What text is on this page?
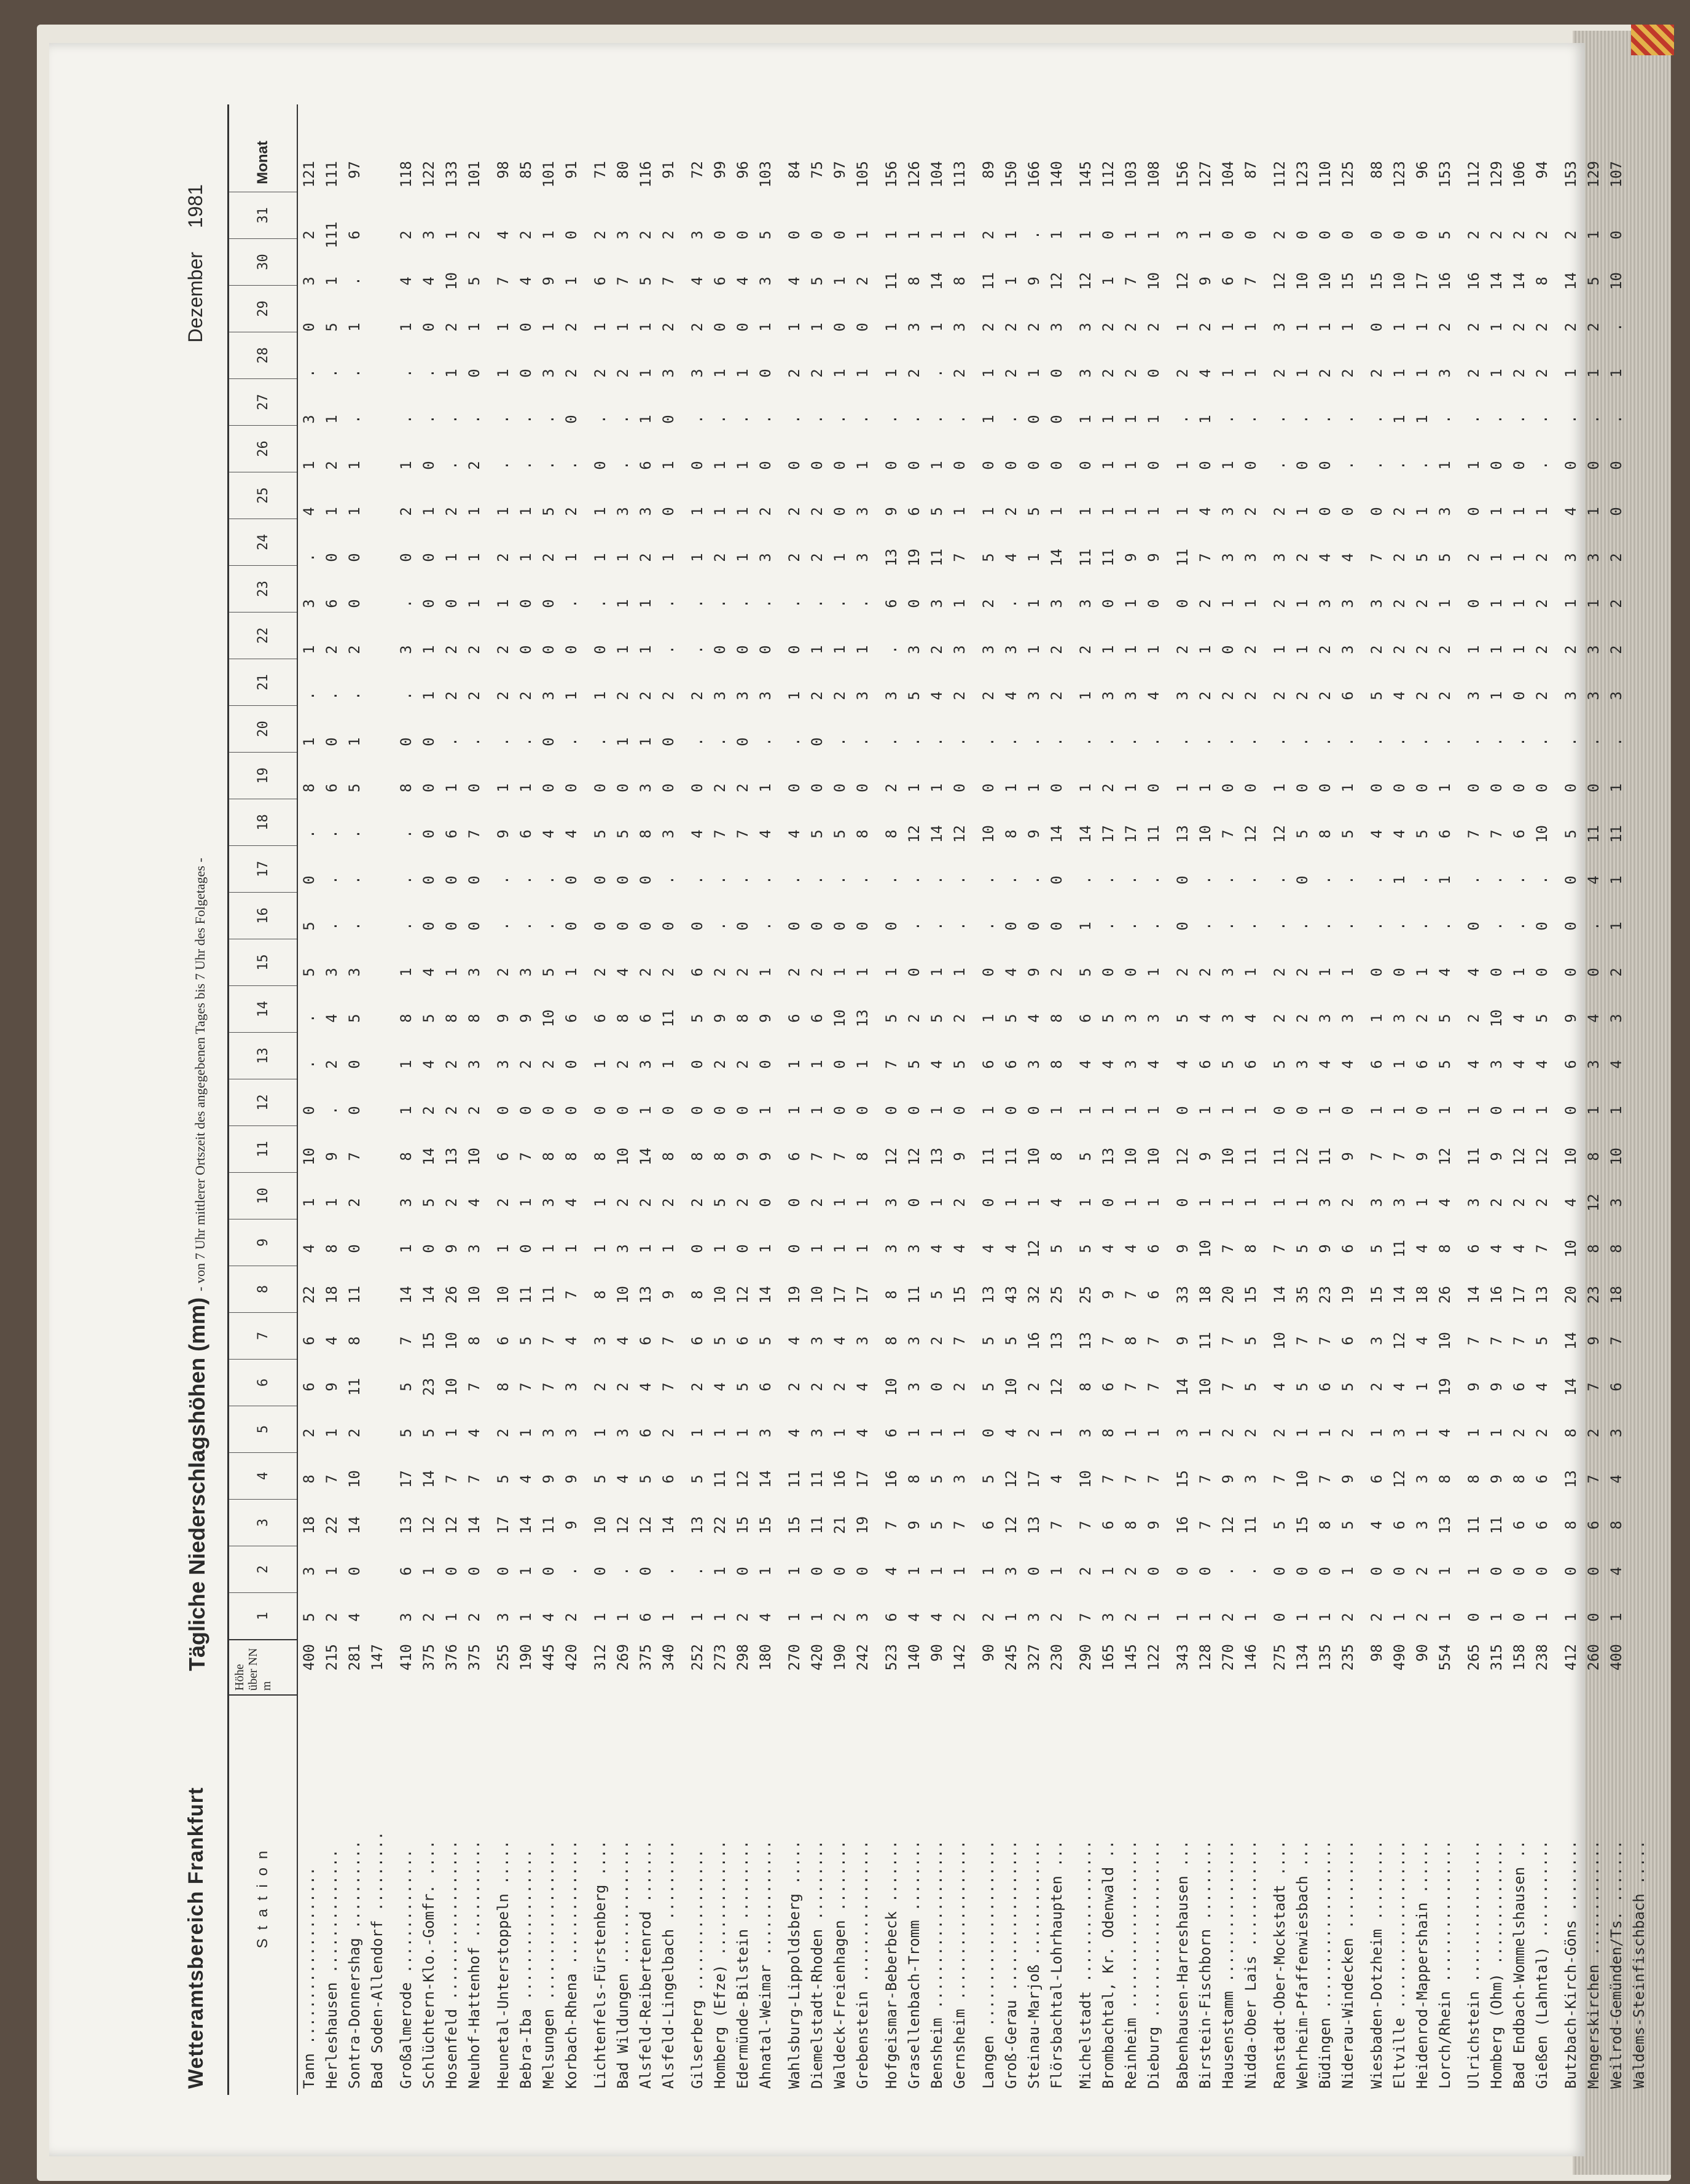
Wetteramtsbereich Frankfurt
Tägliche Niederschlagshöhen (mm) - von 7 Uhr mittlerer Ortszeit des angegebenen Tages bis 7 Uhr des Folgetages -
Dezember 1981
Station
Höhe über NN m
1
2
3
4
5
6
7
8
9
10
11
12
13
14
15
16
17
18
19
20
21
22
23
24
25
26
27
28
29
30
31
Monat
Tann ....................
400
5
3
18
8
2
6
6
22
4
1
10
0
.
.
5
5
0
.
8
1
.
1
3
.
4
1
3
.
0
3
2
121
Herleshausen ..............
215
2
1
22
7
1
9
4
18
8
1
9
.
2
4
3
.
.
.
6
0
.
2
6
0
1
2
1
.
5
1
111
111
Sontra-Donnershag ..........
281
4
0
14
10
2
11
8
11
0
2
7
0
0
5
3
.
.
.
5
1
.
2
0
0
1
1
.
.
1
.
6
97
Bad Soden-Allendorf .........
147
Großalmerode ..............
410
3
6
13
17
5
5
7
14
1
3
8
1
1
8
1
.
.
.
8
0
.
3
.
0
2
1
.
.
1
4
2
118
Schlüchtern-Klo.-Gomfr. ....
375
2
1
12
14
5
23
15
14
0
5
14
2
4
5
4
0
0
0
0
0
1
1
0
0
1
0
.
.
0
4
3
122
Hosenfeld ..................
376
1
0
12
7
1
10
10
26
9
2
13
2
2
8
1
0
0
6
1
.
2
2
0
1
2
.
.
1
2
10
1
133
Neuhof-Hattenhof ...........
375
2
0
14
7
4
7
8
10
3
4
10
2
3
8
3
0
0
7
0
.
2
2
1
1
1
2
.
0
1
5
2
101
Heunetal-Unterstoppeln .....
255
3
0
17
5
2
8
6
10
1
2
6
0
3
9
2
.
.
9
1
.
2
2
1
2
1
.
.
1
1
7
4
98
Bebra-Iba .................
190
1
1
14
4
1
7
5
11
0
1
7
0
2
9
3
.
.
6
1
.
2
0
0
1
1
.
.
0
0
4
2
85
Melsungen ..................
445
4
0
11
9
3
7
7
11
1
3
8
0
2
10
5
.
.
4
0
0
3
0
0
2
5
.
.
3
1
9
1
101
Korbach-Rhena ..............
420
2
.
9
9
3
3
4
7
1
4
8
0
0
6
1
0
0
4
0
.
1
0
.
1
2
.
0
2
2
1
0
91
Lichtenfels-Fürstenberg ....
312
1
0
10
5
1
2
3
8
1
1
8
0
1
6
2
0
0
5
0
.
1
0
.
1
1
0
.
2
1
6
2
71
Bad Wildungen ..............
269
1
.
12
4
3
2
4
10
3
2
10
0
2
8
4
0
0
5
0
1
2
1
1
1
3
.
.
2
1
7
3
80
Alsfeld-Reibertenrod .......
375
6
0
12
5
6
4
6
13
1
2
14
1
3
6
2
0
0
8
3
1
2
1
1
2
3
6
1
1
1
5
2
116
Alsfeld-Lingelbach .........
340
1
.
14
6
2
7
7
9
1
2
8
0
1
11
2
0
.
3
0
0
2
.
.
1
0
1
0
3
2
7
2
91
Gilserberg ................
252
1
.
13
5
1
2
6
8
0
2
8
0
0
5
6
0
.
4
0
.
2
.
.
1
1
0
.
3
2
4
3
72
Homberg (Efze) .............
273
1
1
22
11
1
4
5
10
1
5
8
0
2
9
2
.
.
7
2
.
3
0
.
2
1
1
.
1
0
6
0
99
Edermünde-Bilstein .........
298
2
0
15
12
1
5
6
12
0
2
9
0
2
8
2
0
.
7
2
0
3
0
.
1
1
1
.
1
0
4
0
96
Ahnatal-Weimar .............
180
4
1
15
14
3
6
5
14
1
0
9
1
0
9
1
.
.
4
1
.
3
0
.
3
2
0
.
0
1
3
5
103
Wahlsburg-Lippoldsberg .....
270
1
1
15
11
4
2
4
19
0
0
6
1
1
6
2
0
.
4
0
.
1
0
.
2
2
0
.
2
1
4
0
84
Diemelstadt-Rhoden .........
420
1
0
11
11
3
2
3
10
1
2
7
1
1
6
2
0
.
5
0
0
2
1
.
2
2
0
.
2
1
5
0
75
Waldeck-Freienhagen ........
190
2
0
21
16
1
2
4
17
1
1
7
0
0
10
1
0
.
5
0
.
2
1
.
1
0
0
.
1
0
1
0
97
Grebenstein ................
242
3
0
19
17
4
4
3
17
1
1
8
0
1
13
1
0
.
8
0
.
3
1
.
3
3
1
.
1
0
2
1
105
Hofgeismar-Beberbeck .......
523
6
4
7
16
6
10
8
8
3
3
12
0
7
5
1
0
.
8
2
.
3
.
6
13
9
0
.
1
1
11
1
156
Grasellenbach-Tromm ........
140
4
1
9
8
1
3
3
11
3
0
12
0
5
2
0
.
.
12
1
.
5
3
0
19
6
0
.
2
3
8
1
126
Bensheim ...................
90
4
1
5
5
1
0
2
5
4
1
13
1
4
5
1
.
.
14
1
.
4
2
3
11
5
1
.
.
1
14
1
104
Gernsheim ..................
142
2
1
7
3
1
2
7
15
4
2
9
0
5
2
1
.
.
12
0
.
2
3
1
7
1
0
.
2
3
8
1
113
Langen .....................
90
2
1
6
5
0
5
5
13
4
0
11
1
6
1
0
.
.
10
0
.
2
3
2
5
1
0
1
1
2
11
2
89
Groß-Gerau .................
245
1
3
12
12
4
10
5
43
4
1
11
0
6
5
4
0
.
8
1
.
4
3
.
4
2
0
.
2
2
1
1
150
Steinau-Marjoß .............
327
3
0
13
17
2
2
16
32
12
1
10
0
3
4
9
0
.
9
1
.
3
1
1
1
5
0
0
1
2
9
.
166
Flörsbachtal-Lohrhaupten ...
230
2
1
7
4
1
12
13
25
5
4
8
1
8
8
2
0
0
14
0
.
2
2
3
14
1
0
0
0
3
12
1
140
Michelstadt ................
290
7
2
7
10
3
8
13
25
5
1
5
1
4
6
5
1
.
14
1
.
1
2
3
11
1
0
1
3
3
12
1
145
Brombachtal, Kr. Odenwald ..
165
3
1
6
7
8
6
7
9
4
0
13
1
4
5
0
.
.
17
2
.
3
1
0
11
1
1
1
2
2
1
0
112
Reinheim ...................
145
2
2
8
7
1
7
8
7
4
1
10
1
3
3
0
.
.
17
1
.
3
1
1
9
1
1
1
2
2
7
1
103
Dieburg ....................
122
1
0
9
7
1
7
7
6
6
1
10
1
4
3
1
.
.
11
0
.
4
1
0
9
1
0
1
0
2
10
1
108
Babenhausen-Harreshausen ...
343
1
0
16
15
3
14
9
33
9
0
12
0
4
5
2
0
0
13
1
.
3
2
0
11
1
1
.
2
1
12
3
156
Birstein-Fischborn .........
128
1
0
7
7
1
10
11
18
10
1
9
1
6
4
2
.
.
10
1
.
2
1
2
7
4
0
1
4
2
9
1
127
Hausenstamm ................
270
2
.
12
9
2
7
7
20
7
1
10
1
5
3
3
.
.
7
0
.
2
0
1
3
3
1
.
1
1
6
0
104
Nidda-Ober Lais ............
146
1
.
11
3
2
5
5
15
8
1
11
1
6
4
1
.
.
12
0
.
2
2
1
3
2
0
.
1
1
7
0
87
Ranstadt-Ober-Mockstadt ....
275
0
0
5
7
2
4
10
14
7
1
11
0
5
2
2
.
.
12
1
.
2
1
2
3
2
.
.
2
3
12
2
112
Wehrheim-Pfaffenwiesbach ...
134
1
0
15
10
1
5
7
35
5
1
12
0
3
2
2
.
0
5
0
.
2
1
1
2
1
0
.
1
1
10
0
123
Büdingen ...................
135
1
0
8
7
1
6
7
23
9
3
11
1
4
3
1
.
.
8
0
.
2
2
3
4
0
0
.
2
1
10
0
110
Niderau-Windecken ..........
235
2
1
5
9
2
5
6
19
6
2
9
0
4
3
1
.
.
5
1
.
6
3
3
4
0
.
.
2
1
15
0
125
Wiesbaden-Dotzheim .........
98
2
0
4
6
1
2
3
15
5
3
7
1
6
1
0
.
.
4
0
.
5
2
3
7
0
.
.
2
0
15
0
88
Eltville ...................
490
1
0
6
12
3
4
12
14
11
3
7
1
1
3
0
.
1
4
0
.
4
2
2
2
2
.
1
1
1
10
0
123
Heidenrod-Mappershain ......
90
2
2
3
3
1
1
4
18
4
1
9
0
6
2
1
.
.
5
0
.
2
2
2
5
1
.
1
1
1
17
0
96
Lorch/Rhein ................
554
1
1
13
8
4
19
10
26
8
4
12
1
5
5
4
.
1
6
1
.
2
2
1
5
3
1
.
3
2
16
5
153
Ulrichstein ................
265
0
1
11
8
1
9
7
14
6
3
11
1
4
2
4
0
.
7
0
.
3
1
0
2
0
1
.
2
2
16
2
112
Homberg (Ohm) ..............
315
1
0
11
9
1
9
7
16
4
2
9
0
3
10
0
.
.
7
0
.
1
1
1
1
1
0
.
1
1
14
2
129
Bad Endbach-Wommelshausen ..
158
0
0
6
8
2
6
7
17
4
2
12
1
4
4
1
.
.
6
0
.
0
1
1
1
1
0
.
2
2
14
2
106
Gießen (Lahntal) ...........
238
1
0
6
6
2
4
5
13
7
2
12
1
4
5
0
0
.
10
0
.
2
2
2
2
1
.
.
2
2
8
2
94
Butzbach-Kirch-Göns ........
412
1
0
8
13
8
14
14
20
10
4
10
0
6
9
0
0
0
5
0
.
3
2
1
3
4
0
.
1
2
14
2
153
Mengerskirchen .............
260
0
0
6
7
2
7
9
23
8
12
8
1
3
4
0
.
4
11
0
.
3
3
1
3
1
0
.
1
2
5
1
129
Weilrod-Gemünden/Ts. .......
400
1
4
8
4
3
6
7
18
8
3
10
1
4
3
2
1
1
11
1
.
3
2
2
2
0
0
.
1
.
10
0
107
Waldems-Steinfischbach .....
